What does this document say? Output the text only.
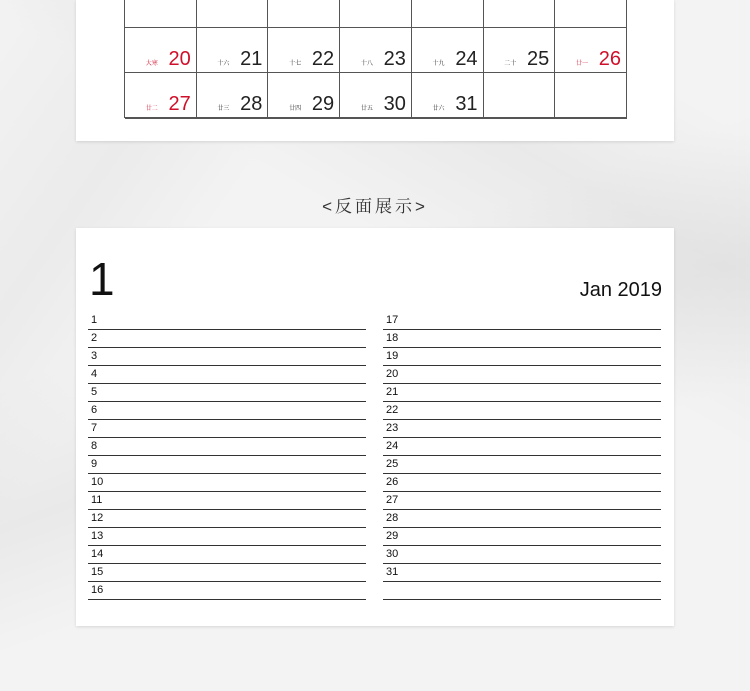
大寒 20	十六 21	十七 22	十八 23	十九 24	二十 25	廿一 26
廿二 27	廿三 28	廿四 29	廿五 30	廿六 31
<反面展示>
1	Jan 2019
1
2
3
4
5
6
7
8
9
10
11
12
13
14
15
16
17
18
19
20
21
22
23
24
25
26
27
28
29
30
31
